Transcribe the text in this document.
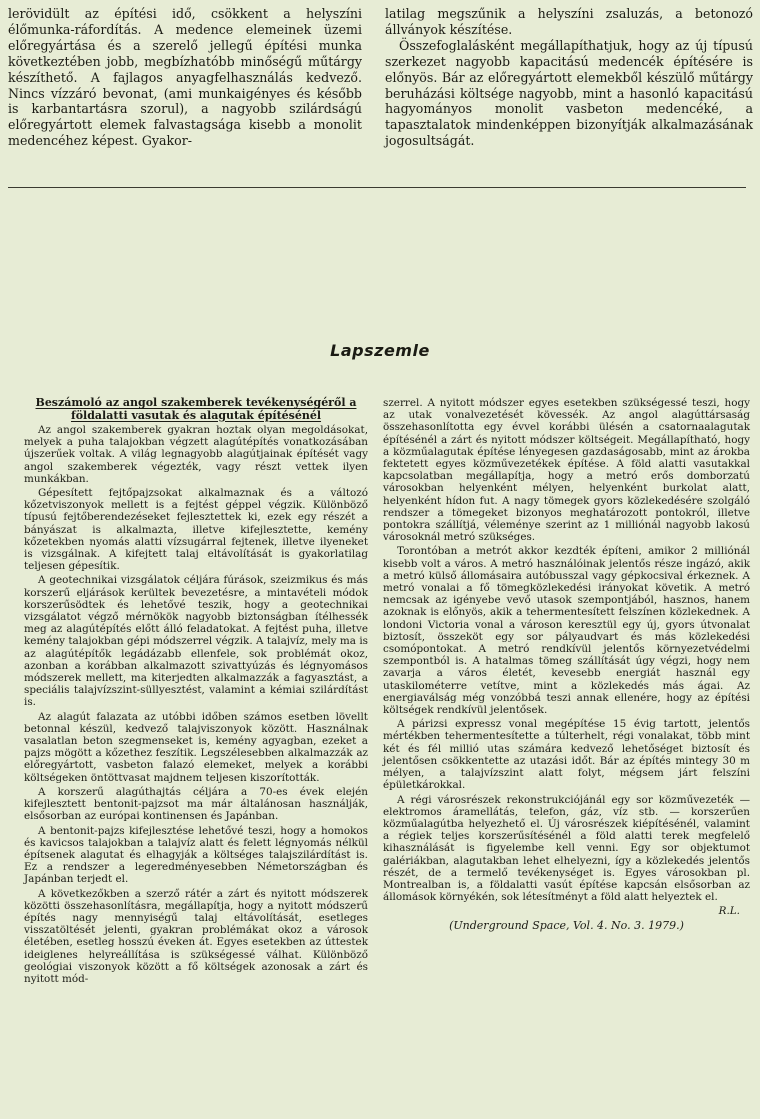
lerövidült az építési idő, csökkent a helyszíni élőmunka-ráfordítás. A medence elemeinek üzemi előregyártása és a szerelő jellegű építési munka következtében jobb, megbízhatóbb minőségű műtárgy készíthető. A fajlagos anyagfelhasználás kedvező. Nincs vízzáró bevonat, (ami munkaigényes és később is karbantartásra szorul), a nagyobb szilárdságú előregyártott elemek falvastagsága kisebb a monolit medencéhez képest. Gyakor-

latilag megszűnik a helyszíni zsaluzás, a betonozó állványok készítése.

Összefoglalásként megállapíthatjuk, hogy az új típusú szerkezet nagyobb kapacitású medencék építésére is előnyös. Bár az előregyártott elemekből készülő műtárgy beruházási költsége nagyobb, mint a hasonló kapacitású hagyományos monolit vasbeton medencéké, a tapasztalatok mindenképpen bizonyítják alkalmazásának jogosultságát.

Lapszemle

Beszámoló az angol szakemberek tevékenységéről a földalatti vasutak és alagutak építésénél

Az angol szakemberek gyakran hoztak olyan megoldásokat, melyek a puha talajokban végzett alagútépítés vonatkozásában újszerűek voltak. A világ legnagyobb alagútjainak építését vagy angol szakemberek végezték, vagy részt vettek ilyen munkákban.

Gépesített fejtőpajzsokat alkalmaznak és a változó kőzetviszonyok mellett is a fejtést géppel végzik. Különböző típusú fejtőberendezéseket fejlesztettek ki, ezek egy részét a bányászat is alkalmazta, illetve kifejlesztette, kemény kőzetekben nyomás alatti vízsugárral fejtenek, illetve ilyeneket is vizsgálnak. A kifejtett talaj eltávolítását is gyakorlatilag teljesen gépesítik.

A geotechnikai vizsgálatok céljára fúrások, szeizmikus és más korszerű eljárások kerültek bevezetésre, a mintavételi módok korszerűsödtek és lehetővé teszik, hogy a geotechnikai vizsgálatot végző mérnökök nagyobb biztonságban ítélhessék meg az alagútépítés előtt álló feladatokat. A fejtést puha, illetve kemény talajokban gépi módszerrel végzik. A talajvíz, mely ma is az alagútépítők legádázabb ellenfele, sok problémát okoz, azonban a korábban alkalmazott szivattyúzás és légnyomásos módszerek mellett, ma kiterjedten alkalmazzák a fagyasztást, a speciális talajvízszint-süllyesztést, valamint a kémiai szilárdítást is.

Az alagút falazata az utóbbi időben számos esetben lövellt betonnal készül, kedvező talajviszonyok között. Használnak vasalatlan beton szegmenseket is, kemény agyagban, ezeket a pajzs mögött a kőzethez feszítik. Legszélesebben alkalmazzák az előregyártott, vasbeton falazó elemeket, melyek a korábbi költségeken öntöttvasat majdnem teljesen kiszorították.

A korszerű alagúthajtás céljára a 70-es évek elején kifejlesztett bentonit-pajzsot ma már általánosan használják, elsősorban az európai kontinensen és Japánban.

A bentonit-pajzs kifejlesztése lehetővé teszi, hogy a homokos és kavicsos talajokban a talajvíz alatt és felett légnyomás nélkül építsenek alagutat és elhagyják a költséges talajszilárdítást is. Ez a rendszer a legeredményesebben Németországban és Japánban terjedt el.

A következőkben a szerző rátér a zárt és nyitott módszerek közötti összehasonlításra, megállapítja, hogy a nyitott módszerű építés nagy mennyiségű talaj eltávolítását, esetleges visszatöltését jelenti, gyakran problémákat okoz a városok életében, esetleg hosszú éveken át. Egyes esetekben az úttestek ideiglenes helyreállítása is szükségessé válhat. Különböző geológiai viszonyok között a fő költségek azonosak a zárt és nyitott mód-

szerrel. A nyitott módszer egyes esetekben szükségessé teszi, hogy az utak vonalvezetését kövessék. Az angol alagúttársaság összehasonlította egy évvel korábbi ülésén a csatornaalagutak építésénél a zárt és nyitott módszer költségeit. Megállapítható, hogy a közműalagutak építése lényegesen gazdaságosabb, mint az árokba fektetett egyes közművezetékek építése. A föld alatti vasutakkal kapcsolatban megállapítja, hogy a metró erős domborzatú városokban helyenként mélyen, helyenként burkolat alatt, helyenként hídon fut. A nagy tömegek gyors közlekedésére szolgáló rendszer a tömegeket bizonyos meghatározott pontokról, illetve pontokra szállítjá, véleménye szerint az 1 milliónál nagyobb lakosú városoknál metró szükséges.

Torontóban a metrót akkor kezdték építeni, amikor 2 milliónál kisebb volt a város. A metró használóinak jelentős része ingázó, akik a metró külső állomásaira autóbusszal vagy gépkocsival érkeznek. A metró vonalai a fő tömegközlekedési irányokat követik. A metró nemcsak az igényebe vevő utasok szempontjából, hasznos, hanem azoknak is előnyös, akik a tehermentesített felszínen közlekednek. A londoni Victoria vonal a városon keresztül egy új, gyors útvonalat biztosít, összeköt egy sor pályaudvart és más közlekedési csomópontokat. A metró rendkívül jelentős környezetvédelmi szempontból is. A hatalmas tömeg szállítását úgy végzi, hogy nem zavarja a város életét, kevesebb energiát használ egy utaskilométerre vetítve, mint a közlekedés más ágai. Az energiaválság még vonzóbbá teszi annak ellenére, hogy az építési költségek rendkívül jelentősek.

A párizsi expressz vonal megépítése 15 évig tartott, jelentős mértékben tehermentesítette a túlterhelt, régi vonalakat, több mint két és fél millió utas számára kedvező lehetőséget biztosít és jelentősen csökkentette az utazási időt. Bár az építés mintegy 30 m mélyen, a talajvízszint alatt folyt, mégsem járt felszíni épületkárokkal.

A régi városrészek rekonstrukciójánál egy sor közművezeték — elektromos áramellátás, telefon, gáz, víz stb. — korszerűen közműalagútba helyezhető el. Új városrészek kiépítésénél, valamint a régiek teljes korszerűsítésénél a föld alatti terek megfelelő kihasználását is figyelembe kell venni. Egy sor objektumot galériákban, alagutakban lehet elhelyezni, így a közlekedés jelentős részét, de a termelő tevékenységet is. Egyes városokban pl. Montrealban is, a földalatti vasút építése kapcsán elsősorban az állomások környékén, sok létesítményt a föld alatt helyeztek el.

R.L.

(Underground Space, Vol. 4. No. 3. 1979.)
